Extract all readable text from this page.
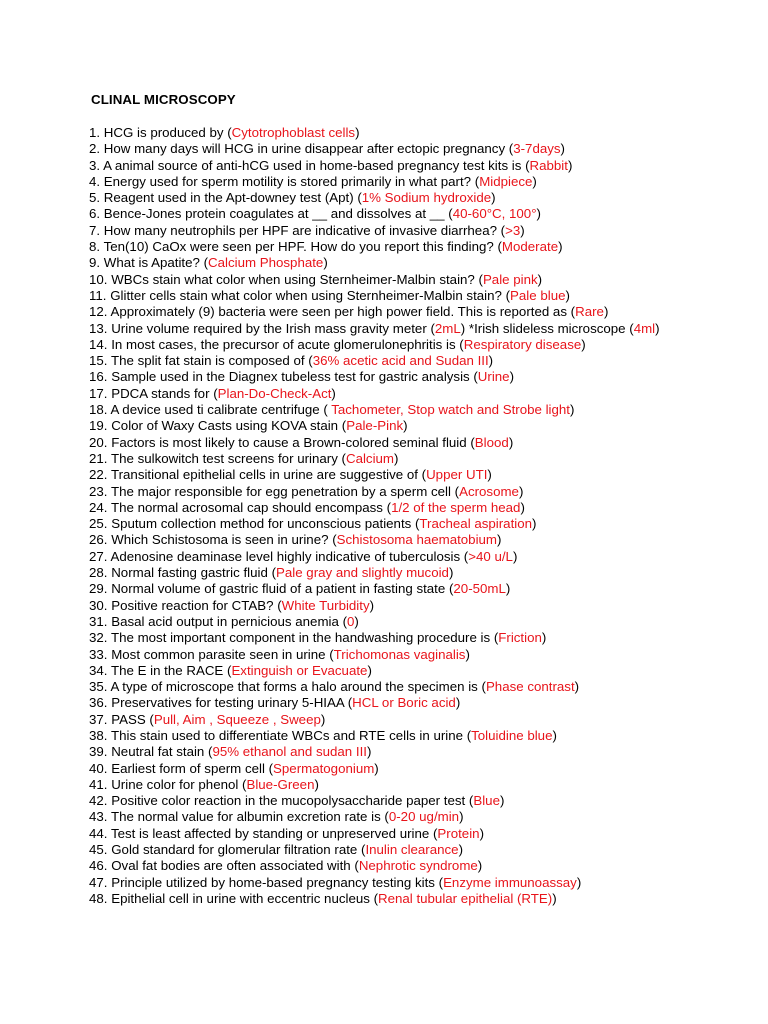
CLINAL MICROSCOPY
1. HCG is produced by (Cytotrophoblast cells)
2. How many days will HCG in urine disappear after ectopic pregnancy (3-7days)
3. A animal source of anti-hCG used in home-based pregnancy test kits is (Rabbit)
4. Energy used for sperm motility is stored primarily in what part? (Midpiece)
5. Reagent used in the Apt-downey test (Apt) (1% Sodium hydroxide)
6. Bence-Jones protein coagulates at __ and dissolves at __ (40-60°C, 100°)
7. How many neutrophils per HPF are indicative of invasive diarrhea? (>3)
8. Ten(10) CaOx were seen per HPF. How do you report this finding? (Moderate)
9. What is Apatite? (Calcium Phosphate)
10. WBCs stain what color when using Sternheimer-Malbin stain? (Pale pink)
11. Glitter cells stain what color when using Sternheimer-Malbin stain? (Pale blue)
12. Approximately (9) bacteria were seen per high power field. This is reported as (Rare)
13. Urine volume required by the Irish mass gravity meter (2mL) *Irish slideless microscope (4ml)
14. In most cases, the precursor of acute glomerulonephritis is (Respiratory disease)
15. The split fat stain is composed of (36% acetic acid and Sudan III)
16. Sample used in the Diagnex tubeless test for gastric analysis (Urine)
17. PDCA stands for (Plan-Do-Check-Act)
18. A device used ti calibrate centrifuge ( Tachometer, Stop watch and Strobe light)
19. Color of Waxy Casts using KOVA stain (Pale-Pink)
20. Factors is most likely to cause a Brown-colored seminal fluid (Blood)
21. The sulkowitch test screens for urinary (Calcium)
22. Transitional epithelial cells in urine are suggestive of (Upper UTI)
23. The major responsible for egg penetration by a sperm cell (Acrosome)
24. The normal acrosomal cap should encompass (1/2 of the sperm head)
25. Sputum collection method for unconscious patients (Tracheal aspiration)
26. Which Schistosoma is seen in urine? (Schistosoma haematobium)
27. Adenosine deaminase level highly indicative of tuberculosis (>40 u/L)
28. Normal fasting gastric fluid (Pale gray and slightly mucoid)
29. Normal volume of gastric fluid of a patient in fasting state (20-50mL)
30. Positive reaction for CTAB? (White Turbidity)
31. Basal acid output in pernicious anemia (0)
32. The most important component in the handwashing procedure is (Friction)
33. Most common parasite seen in urine (Trichomonas vaginalis)
34. The E in the RACE (Extinguish or Evacuate)
35. A type of microscope that forms a halo around the specimen is (Phase contrast)
36. Preservatives for testing urinary 5-HIAA (HCL or Boric acid)
37. PASS (Pull, Aim , Squeeze , Sweep)
38. This stain used to differentiate WBCs and RTE cells in urine (Toluidine blue)
39. Neutral fat stain (95% ethanol and sudan III)
40. Earliest form of sperm cell (Spermatogonium)
41. Urine color for phenol (Blue-Green)
42. Positive color reaction in the mucopolysaccharide paper test (Blue)
43. The normal value for albumin excretion rate is (0-20 ug/min)
44. Test is least affected by standing or unpreserved urine (Protein)
45. Gold standard for glomerular filtration rate (Inulin clearance)
46. Oval fat bodies are often associated with (Nephrotic syndrome)
47. Principle utilized by home-based pregnancy testing kits (Enzyme immunoassay)
48. Epithelial cell in urine with eccentric nucleus (Renal tubular epithelial (RTE))
